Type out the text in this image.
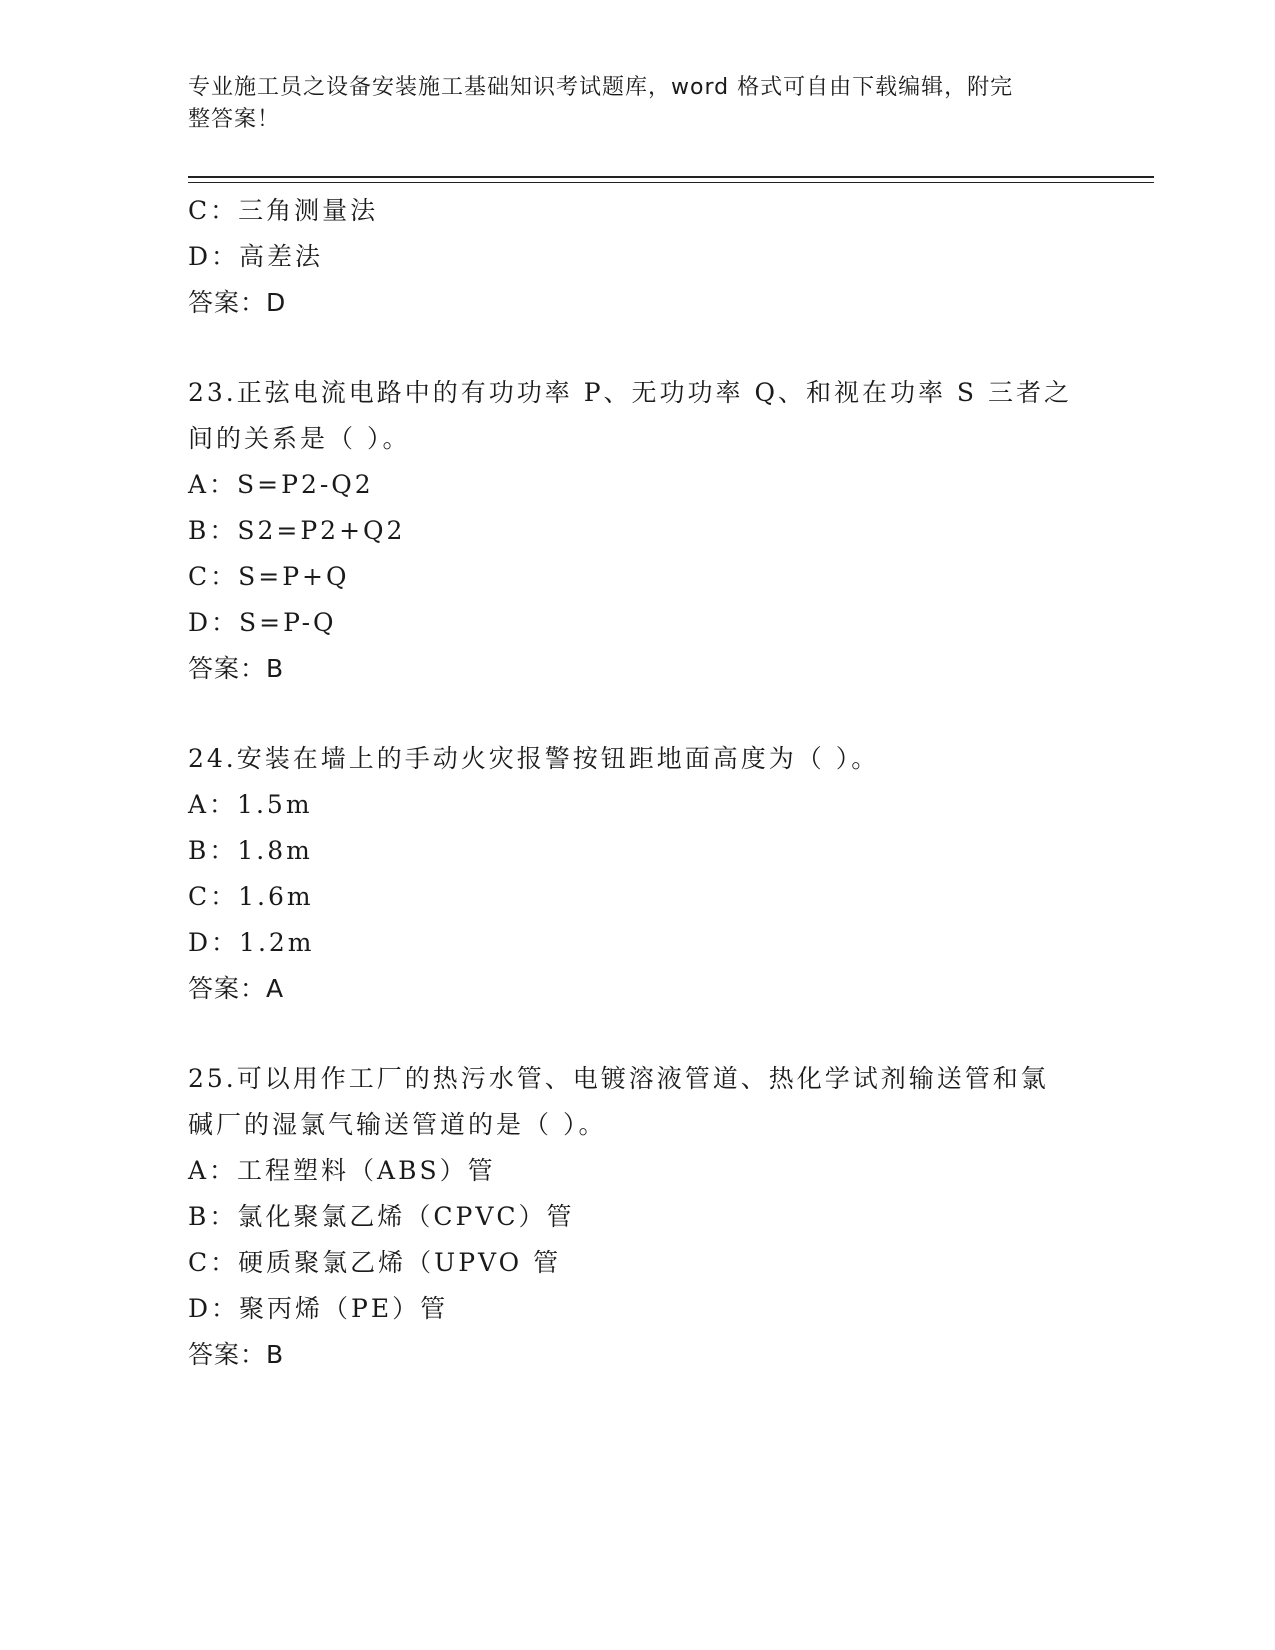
专业施工员之设备安装施工基础知识考试题库，word 格式可自由下载编辑，附完
整答案！
C：三角测量法
D：高差法
答案：D
23.正弦电流电路中的有功功率 P、无功功率 Q、和视在功率 S 三者之
间的关系是（ ）。
A：S=P2-Q2
B：S2=P2+Q2
C：S=P+Q
D：S=P-Q
答案：B
24.安装在墙上的手动火灾报警按钮距地面高度为（ ）。
A：1.5m
B：1.8m
C：1.6m
D：1.2m
答案：A
25.可以用作工厂的热污水管、电镀溶液管道、热化学试剂输送管和氯
碱厂的湿氯气输送管道的是（ ）。
A：工程塑料（ABS）管
B：氯化聚氯乙烯（CPVC）管
C：硬质聚氯乙烯（UPVO 管
D：聚丙烯（PE）管
答案：B
